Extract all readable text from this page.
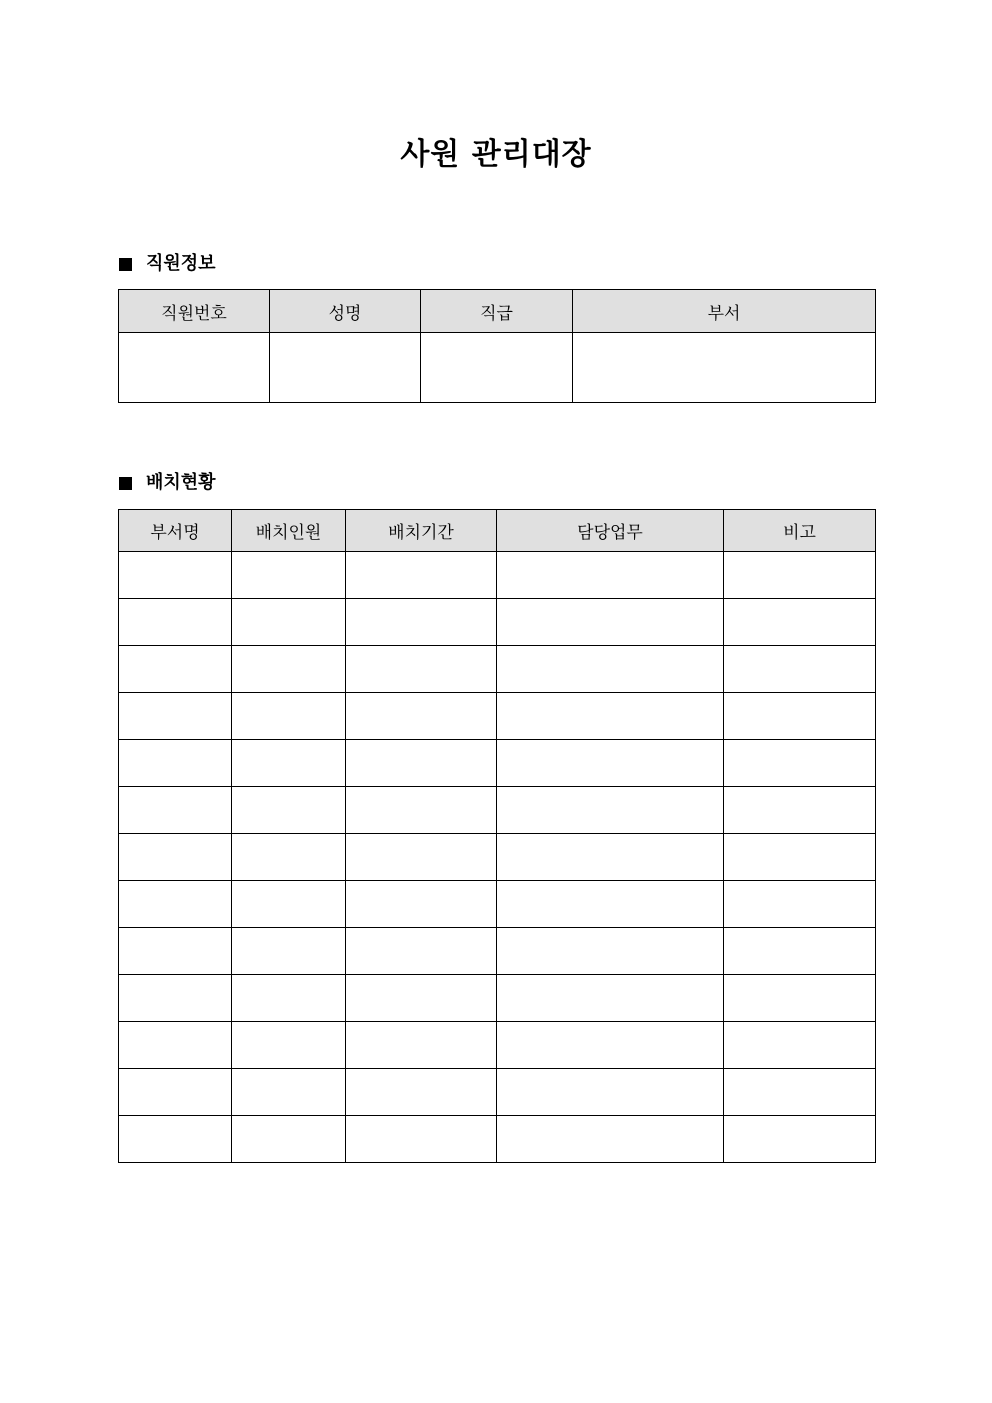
사원 관리대장
직원정보
직원번호	성명	직급	부서

배치현황
부서명	배치인원	배치기간	담당업무	비고
